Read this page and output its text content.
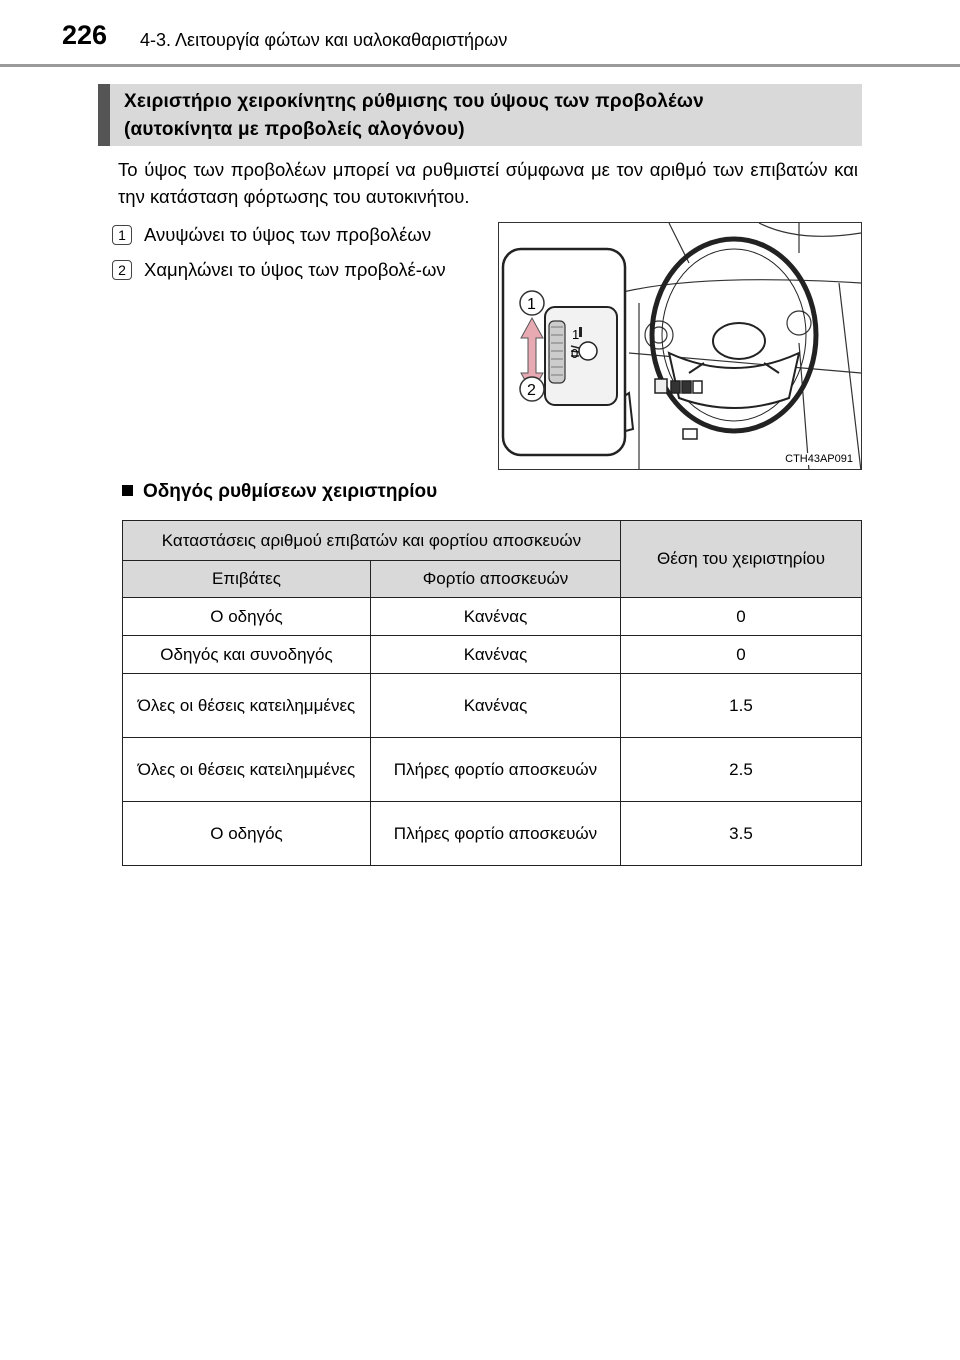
226 4-3. Λειτουργία φώτων και υαλοκαθαριστήρων
Χειριστήριο χειροκίνητης ρύθμισης του ύψους των προβολέων
(αυτοκίνητα με προβολείς αλογόνου)
Το ύψος των προβολέων μπορεί να ρυθμιστεί σύμφωνα με τον αριθμό των επιβατών και την κατάσταση φόρτωσης του αυτοκινήτου.
1 Ανυψώνει το ύψος των προβολέων
2 Χαμηλώνει το ύψος των προβολέ-ων
1
0
1
2
CTH43AP091
Οδηγός ρυθμίσεων χειριστηρίου
Καταστάσεις αριθμού επιβατών και φορτίου αποσκευών		Θέση του χειριστηρίου
Επιβάτες	Φορτίο αποσκευών	
Ο οδηγός	Κανένας	0
Οδηγός και συνοδηγός	Κανένας	0
Όλες οι θέσεις κατειλημμένες	Κανένας	1.5
Όλες οι θέσεις κατειλημμένες	Πλήρες φορτίο αποσκευών	2.5
Ο οδηγός	Πλήρες φορτίο αποσκευών	3.5
